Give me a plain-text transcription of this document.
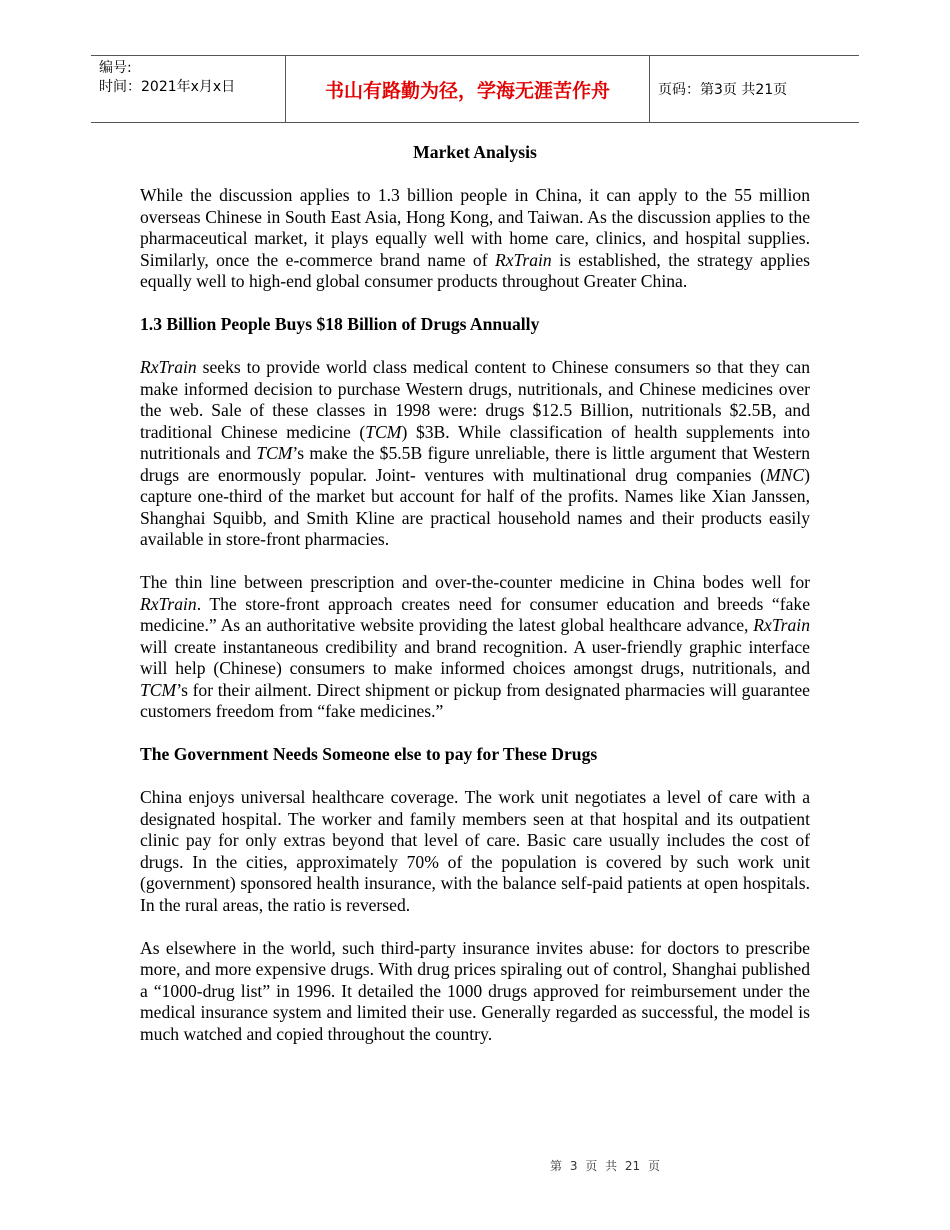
编号:
时间：2021年x月x日	书山有路勤为径，学海无涯苦作舟	页码：第3页 共21页
Market Analysis

While the discussion applies to 1.3 billion people in China, it can apply to the 55 million overseas Chinese in South East Asia, Hong Kong, and Taiwan. As the discussion applies to the pharmaceutical market, it plays equally well with home care, clinics, and hospital supplies. Similarly, once the e-commerce brand name of RxTrain is established, the strategy applies equally well to high-end global consumer products throughout Greater China.

1.3 Billion People Buys $18 Billion of Drugs Annually

RxTrain seeks to provide world class medical content to Chinese consumers so that they can make informed decision to purchase Western drugs, nutritionals, and Chinese medicines over the web. Sale of these classes in 1998 were: drugs $12.5 Billion, nutritionals $2.5B, and traditional Chinese medicine (TCM) $3B. While classification of health supplements into nutritionals and TCM’s make the $5.5B figure unreliable, there is little argument that Western drugs are enormously popular. Joint- ventures with multinational drug companies (MNC) capture one-third of the market but account for half of the profits. Names like Xian Janssen, Shanghai Squibb, and Smith Kline are practical household names and their products easily available in store-front pharmacies.

The thin line between prescription and over-the-counter medicine in China bodes well for RxTrain. The store-front approach creates need for consumer education and breeds “fake medicine.” As an authoritative website providing the latest global healthcare advance, RxTrain will create instantaneous credibility and brand recognition. A user-friendly graphic interface will help (Chinese) consumers to make informed choices amongst drugs, nutritionals, and TCM’s for their ailment. Direct shipment or pickup from designated pharmacies will guarantee customers freedom from “fake medicines.”

The Government Needs Someone else to pay for These Drugs

China enjoys universal healthcare coverage. The work unit negotiates a level of care with a designated hospital. The worker and family members seen at that hospital and its outpatient clinic pay for only extras beyond that level of care. Basic care usually includes the cost of drugs. In the cities, approximately 70% of the population is covered by such work unit (government) sponsored health insurance, with the balance self-paid patients at open hospitals. In the rural areas, the ratio is reversed.

As elsewhere in the world, such third-party insurance invites abuse: for doctors to prescribe more, and more expensive drugs. With drug prices spiraling out of control, Shanghai published a “1000-drug list” in 1996. It detailed the 1000 drugs approved for reimbursement under the medical insurance system and limited their use. Generally regarded as successful, the model is much watched and copied throughout the country.

第 3 页 共 21 页
